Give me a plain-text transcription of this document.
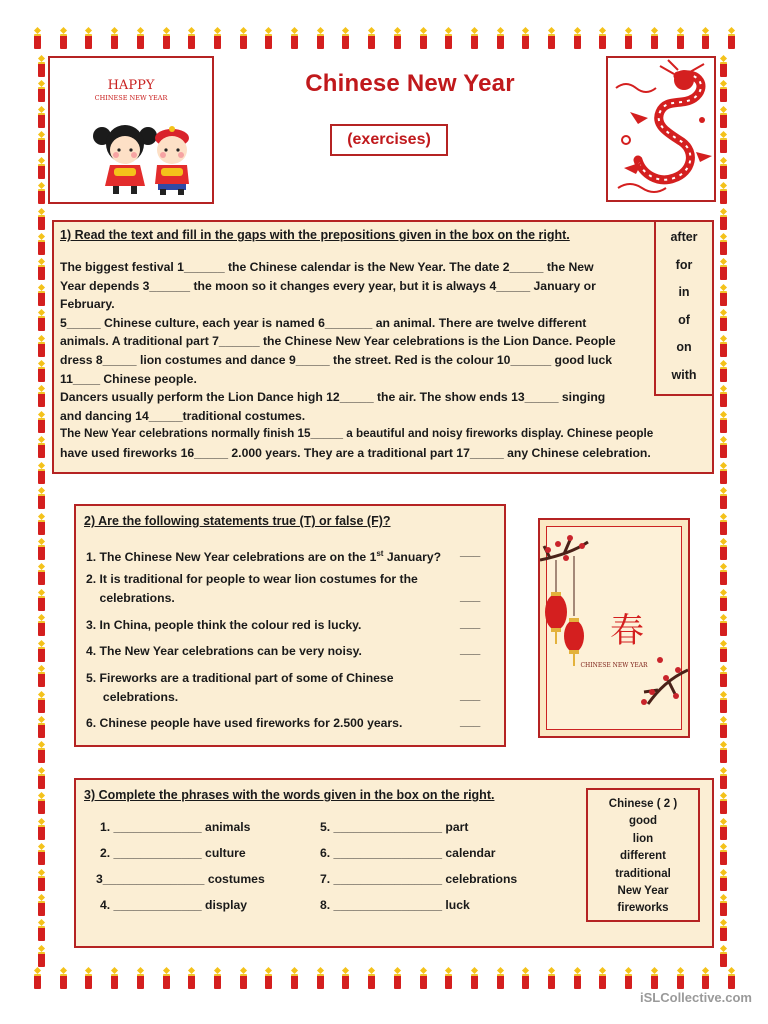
HAPPY
CHINESE NEW YEAR
Chinese New Year
(exercises)
1) Read the text and fill in the gaps with the prepositions given in the box on the right.
The biggest festival 1______ the Chinese calendar is the New Year. The date 2_____ the New
Year depends 3______ the moon so it changes every year, but it is always 4_____ January or
February.
5_____ Chinese culture, each year is named 6_______ an animal. There are twelve different
animals. A traditional part 7______ the Chinese New Year celebrations is the Lion Dance. People
dress 8_____ lion costumes and dance 9_____ the street. Red is the colour 10______ good luck
11____ Chinese people.
Dancers usually perform the Lion Dance high 12_____ the air. The show ends 13_____ singing
and dancing 14_____traditional costumes.
The New Year celebrations normally finish 15_____ a beautiful and noisy fireworks display. Chinese people
have used fireworks 16_____ 2.000 years. They are a traditional part 17_____ any Chinese celebration.
after
for
in
of
on
with
2) Are the following statements true (T) or false (F)?
1. The Chinese New Year celebrations are on the 1st January? ___
2. It is traditional for people to wear lion costumes for the
celebrations.	___
3. In China, people think the colour red is lucky.	___
4. The New Year celebrations can be very noisy.	___
5. Fireworks are a traditional part of some of Chinese
celebrations.	___
6. Chinese people have used fireworks for 2.500 years.	___
春
CHINESE NEW YEAR
3) Complete the phrases with the words given in the box on the right.
1. _____________ animals
2. _____________ culture
3_______________ costumes
4. _____________ display
5. ________________ part
6. ________________ calendar
7. ________________ celebrations
8. ________________ luck
Chinese ( 2 )
good
lion
different
traditional
New Year
fireworks
iSLCollective.com
